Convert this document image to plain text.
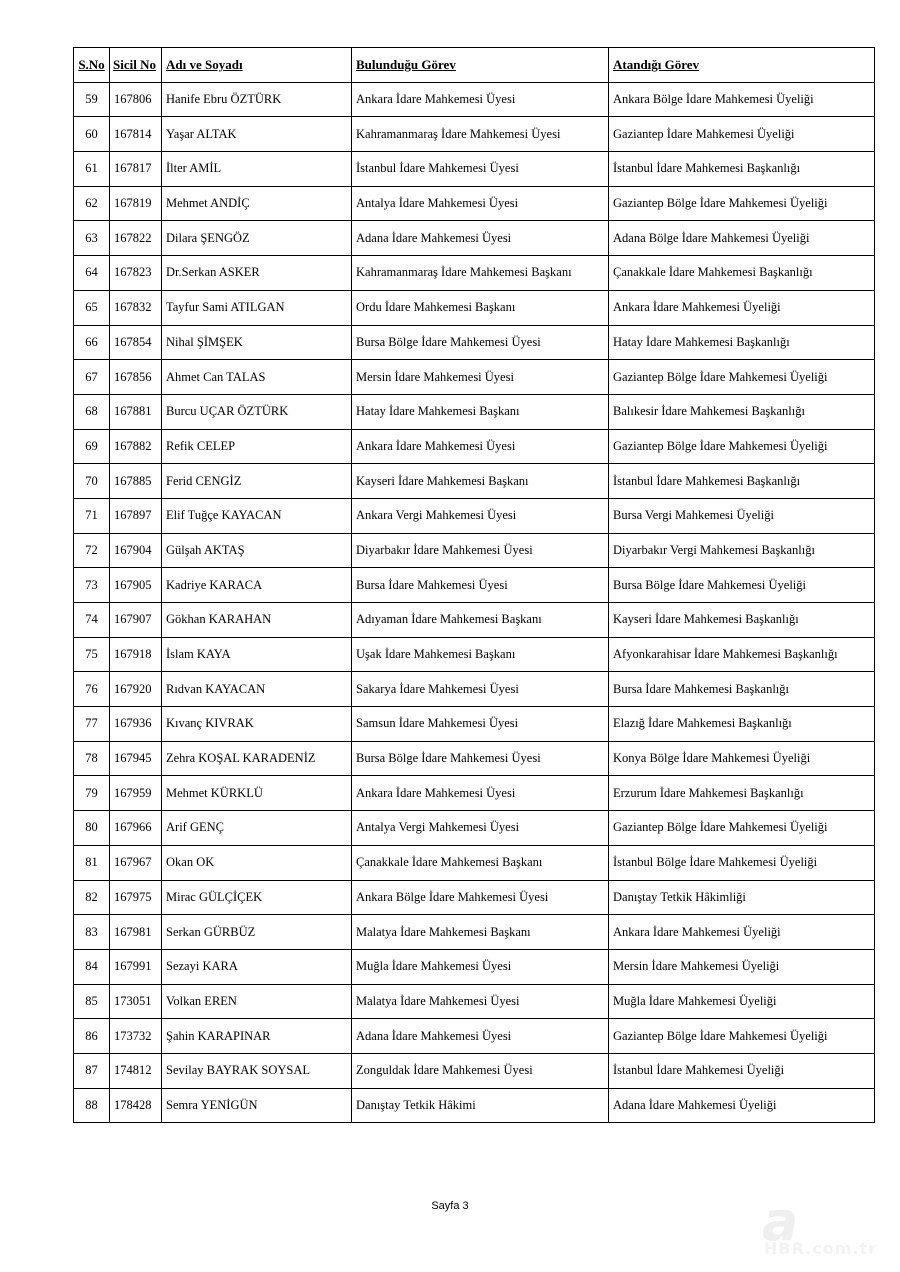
S.No	Sicil No	Adı ve Soyadı	Bulunduğu Görev	Atandığı Görev
59	167806	Hanife Ebru ÖZTÜRK	Ankara İdare Mahkemesi Üyesi	Ankara Bölge İdare Mahkemesi Üyeliği
60	167814	Yaşar ALTAK	Kahramanmaraş İdare Mahkemesi Üyesi	Gaziantep İdare Mahkemesi Üyeliği
61	167817	İlter AMİL	İstanbul İdare Mahkemesi Üyesi	İstanbul İdare Mahkemesi Başkanlığı
62	167819	Mehmet ANDİÇ	Antalya İdare Mahkemesi Üyesi	Gaziantep Bölge İdare Mahkemesi Üyeliği
63	167822	Dilara ŞENGÖZ	Adana İdare Mahkemesi Üyesi	Adana Bölge İdare Mahkemesi Üyeliği
64	167823	Dr.Serkan ASKER	Kahramanmaraş İdare Mahkemesi Başkanı	Çanakkale İdare Mahkemesi Başkanlığı
65	167832	Tayfur Sami ATILGAN	Ordu İdare Mahkemesi Başkanı	Ankara İdare Mahkemesi Üyeliği
66	167854	Nihal ŞİMŞEK	Bursa Bölge İdare Mahkemesi Üyesi	Hatay İdare Mahkemesi Başkanlığı
67	167856	Ahmet Can TALAS	Mersin İdare Mahkemesi Üyesi	Gaziantep Bölge İdare Mahkemesi Üyeliği
68	167881	Burcu UÇAR ÖZTÜRK	Hatay İdare Mahkemesi Başkanı	Balıkesir İdare Mahkemesi Başkanlığı
69	167882	Refik CELEP	Ankara İdare Mahkemesi Üyesi	Gaziantep Bölge İdare Mahkemesi Üyeliği
70	167885	Ferid CENGİZ	Kayseri İdare Mahkemesi Başkanı	İstanbul İdare Mahkemesi Başkanlığı
71	167897	Elif Tuğçe KAYACAN	Ankara Vergi Mahkemesi Üyesi	Bursa Vergi Mahkemesi Üyeliği
72	167904	Gülşah AKTAŞ	Diyarbakır İdare Mahkemesi Üyesi	Diyarbakır Vergi Mahkemesi Başkanlığı
73	167905	Kadriye KARACA	Bursa İdare Mahkemesi Üyesi	Bursa Bölge İdare Mahkemesi Üyeliği
74	167907	Gökhan KARAHAN	Adıyaman İdare Mahkemesi Başkanı	Kayseri İdare Mahkemesi Başkanlığı
75	167918	İslam KAYA	Uşak İdare Mahkemesi Başkanı	Afyonkarahisar İdare Mahkemesi Başkanlığı
76	167920	Rıdvan KAYACAN	Sakarya İdare Mahkemesi Üyesi	Bursa İdare Mahkemesi Başkanlığı
77	167936	Kıvanç KIVRAK	Samsun İdare Mahkemesi Üyesi	Elazığ İdare Mahkemesi Başkanlığı
78	167945	Zehra KOŞAL KARADENİZ	Bursa Bölge İdare Mahkemesi Üyesi	Konya Bölge İdare Mahkemesi Üyeliği
79	167959	Mehmet KÜRKLÜ	Ankara İdare Mahkemesi Üyesi	Erzurum İdare Mahkemesi Başkanlığı
80	167966	Arif GENÇ	Antalya Vergi Mahkemesi Üyesi	Gaziantep Bölge İdare Mahkemesi Üyeliği
81	167967	Okan OK	Çanakkale İdare Mahkemesi Başkanı	İstanbul Bölge İdare Mahkemesi Üyeliği
82	167975	Mirac GÜLÇİÇEK	Ankara Bölge İdare Mahkemesi Üyesi	Danıştay Tetkik Hâkimliği
83	167981	Serkan GÜRBÜZ	Malatya İdare Mahkemesi Başkanı	Ankara İdare Mahkemesi Üyeliği
84	167991	Sezayi KARA	Muğla İdare Mahkemesi Üyesi	Mersin İdare Mahkemesi Üyeliği
85	173051	Volkan EREN	Malatya İdare Mahkemesi Üyesi	Muğla İdare Mahkemesi Üyeliği
86	173732	Şahin KARAPINAR	Adana İdare Mahkemesi Üyesi	Gaziantep Bölge İdare Mahkemesi Üyeliği
87	174812	Sevilay BAYRAK SOYSAL	Zonguldak İdare Mahkemesi Üyesi	İstanbul İdare Mahkemesi Üyeliği
88	178428	Semra YENİGÜN	Danıştay Tetkik Hâkimi	Adana İdare Mahkemesi Üyeliği
Sayfa 3	a
HBR.com.tr
